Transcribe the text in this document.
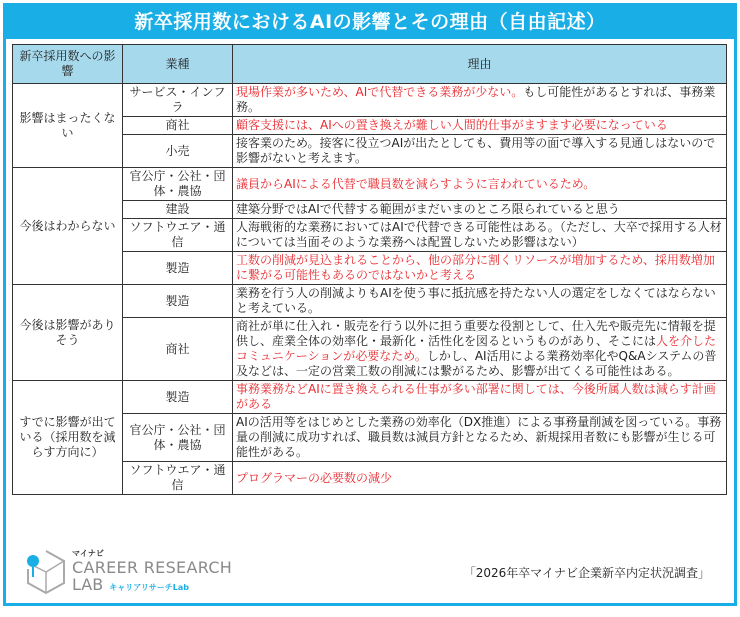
新卒採用数におけるAIの影響とその理由（自由記述）
新卒採用数への影響	業種	理由
影響はまったくない	サービス・インフラ	現場作業が多いため、AIで代替できる業務が少ない。もし可能性があるとすれば、事務業務。
	商社	顧客支援には、AIへの置き換えが難しい人間的仕事がますます必要になっている
	小売	接客業のため。接客に役立つAIが出たとしても、費用等の面で導入する見通しはないので影響がないと考えます。
今後はわからない	官公庁・公社・団体・農協	議員からAIによる代替で職員数を減らすように言われているため。
	建設	建築分野ではAIで代替する範囲がまだいまのところ限られていると思う
	ソフトウエア・通信	人海戦術的な業務においてはAIで代替できる可能性はある。（ただし、大卒で採用する人材については当面そのような業務へは配置しないため影響はない）
	製造	工数の削減が見込まれることから、他の部分に割くリソースが増加するため、採用数増加に繋がる可能性もあるのではないかと考える
今後は影響がありそう	製造	業務を行う人の削減よりもAIを使う事に抵抗感を持たない人の選定をしなくてはならないと考えている。
	商社	商社が単に仕入れ・販売を行う以外に担う重要な役割として、仕入先や販売先に情報を提供し、産業全体の効率化・最新化・活性化を図るというものがあり、そこには人を介したコミュニケーションが必要なため。しかし、AI活用による業務効率化やQ&Aシステムの普及などは、一定の営業工数の削減には繋がるため、影響が出てくる可能性はある。
すでに影響が出ている（採用数を減らす方向に）	製造	事務業務などAIに置き換えられる仕事が多い部署に関しては、今後所属人数は減らす計画がある
	官公庁・公社・団体・農協	AIの活用等をはじめとした業務の効率化（DX推進）による事務量削減を図っている。事務量の削減に成功すれば、職員数は減員方針となるため、新規採用者数にも影響が生じる可能性がある。
	ソフトウエア・通信	プログラマーの必要数の減少
マイナビ
CAREER RESEARCH
LAB キャリアリサーチLab
「2026年卒マイナビ企業新卒内定状況調査」
